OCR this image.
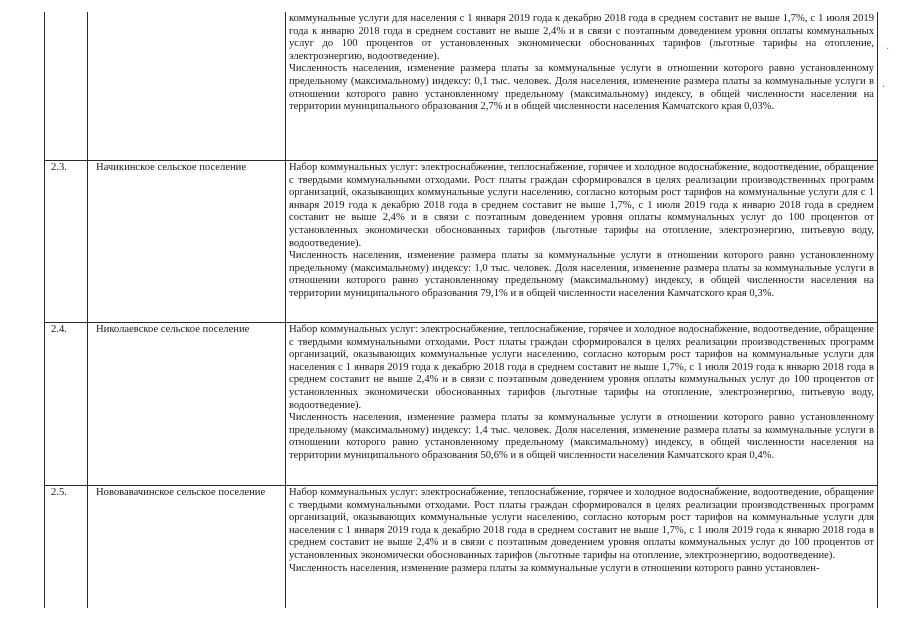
		коммунальные услуги для населения с 1 января 2019 года к декабрю 2018 года в среднем составит не выше 1,7%, с 1 июля 2019 года к январю 2018 года в среднем составит не выше 2,4% и в связи с поэтапным доведением уровня оплаты коммунальных услуг до 100 процентов от установленных экономически обоснованных тарифов (льготные тарифы на отопление, электроэнергию, водоотведение).

Численность населения, изменение размера платы за коммунальные услуги в отношении которого равно установленному предельному (максимальному) индексу: 0,1 тыс. человек. Доля населения, изменение размера платы за коммунальные услуги в отношении которого равно установленному предельному (максимальному) индексу, в общей численности населения на территории муниципального образования 2,7% и в общей численности населения Камчатского края 0,03%.

2.3.	Начикинское сельское поселение	Набор коммунальных услуг: электроснабжение, теплоснабжение, горячее и холодное водоснабжение, водоотведение, обращение с твердыми коммунальными отходами. Рост платы граждан сформировался в целях реализации производственных программ организаций, оказывающих коммунальные услуги населению, согласно которым рост тарифов на коммунальные услуги для с 1 января 2019 года к декабрю 2018 года в среднем составит не выше 1,7%, с 1 июля 2019 года к январю 2018 года в среднем составит не выше 2,4% и в связи с поэтапным доведением уровня оплаты коммунальных услуг до 100 процентов от установленных экономически обоснованных тарифов (льготные тарифы на отопление, электроэнергию, питьевую воду, водоотведение).

Численность населения, изменение размера платы за коммунальные услуги в отношении которого равно установленному предельному (максимальному) индексу: 1,0 тыс. человек. Доля населения, изменение размера платы за коммунальные услуги в отношении которого равно установленному предельному (максимальному) индексу, в общей численности населения на территории муниципального образования 79,1% и в общей численности населения Камчатского края 0,3%.

2.4.	Николаевское сельское поселение	Набор коммунальных услуг: электроснабжение, теплоснабжение, горячее и холодное водоснабжение, водоотведение, обращение с твердыми коммунальными отходами. Рост платы граждан сформировался в целях реализации производственных программ организаций, оказывающих коммунальные услуги населению, согласно которым рост тарифов на коммунальные услуги для населения с 1 января 2019 года к декабрю 2018 года в среднем составит не выше 1,7%, с 1 июля 2019 года к январю 2018 года в среднем составит не выше 2,4% и в связи с поэтапным доведением уровня оплаты коммунальных услуг до 100 процентов от установленных экономически обоснованных тарифов (льготные тарифы на отопление, электроэнергию, питьевую воду, водоотведение).

Численность населения, изменение размера платы за коммунальные услуги в отношении которого равно установленному предельному (максимальному) индексу: 1,4 тыс. человек. Доля населения, изменение размера платы за коммунальные услуги в отношении которого равно установленному предельному (максимальному) индексу, в общей численности населения на территории муниципального образования 50,6% и в общей численности населения Камчатского края 0,4%.

2.5.	Нововавачинское сельское поселение	Набор коммунальных услуг: электроснабжение, теплоснабжение, горячее и холодное водоснабжение, водоотведение, обращение с твердыми коммунальными отходами. Рост платы граждан сформировался в целях реализации производственных программ организаций, оказывающих коммунальные услуги населению, согласно которым рост тарифов на коммунальные услуги для населения с 1 января 2019 года к декабрю 2018 года в среднем составит не выше 1,7%, с 1 июля 2019 года к январю 2018 года в среднем составит не выше 2,4% и в связи с поэтапным доведением уровня оплаты коммунальных услуг до 100 процентов от установленных экономически обоснованных тарифов (льготные тарифы на отопление, электроэнергию, водоотведение).

Численность населения, изменение размера платы за коммунальные услуги в отношении которого равно установлен-

·
·
